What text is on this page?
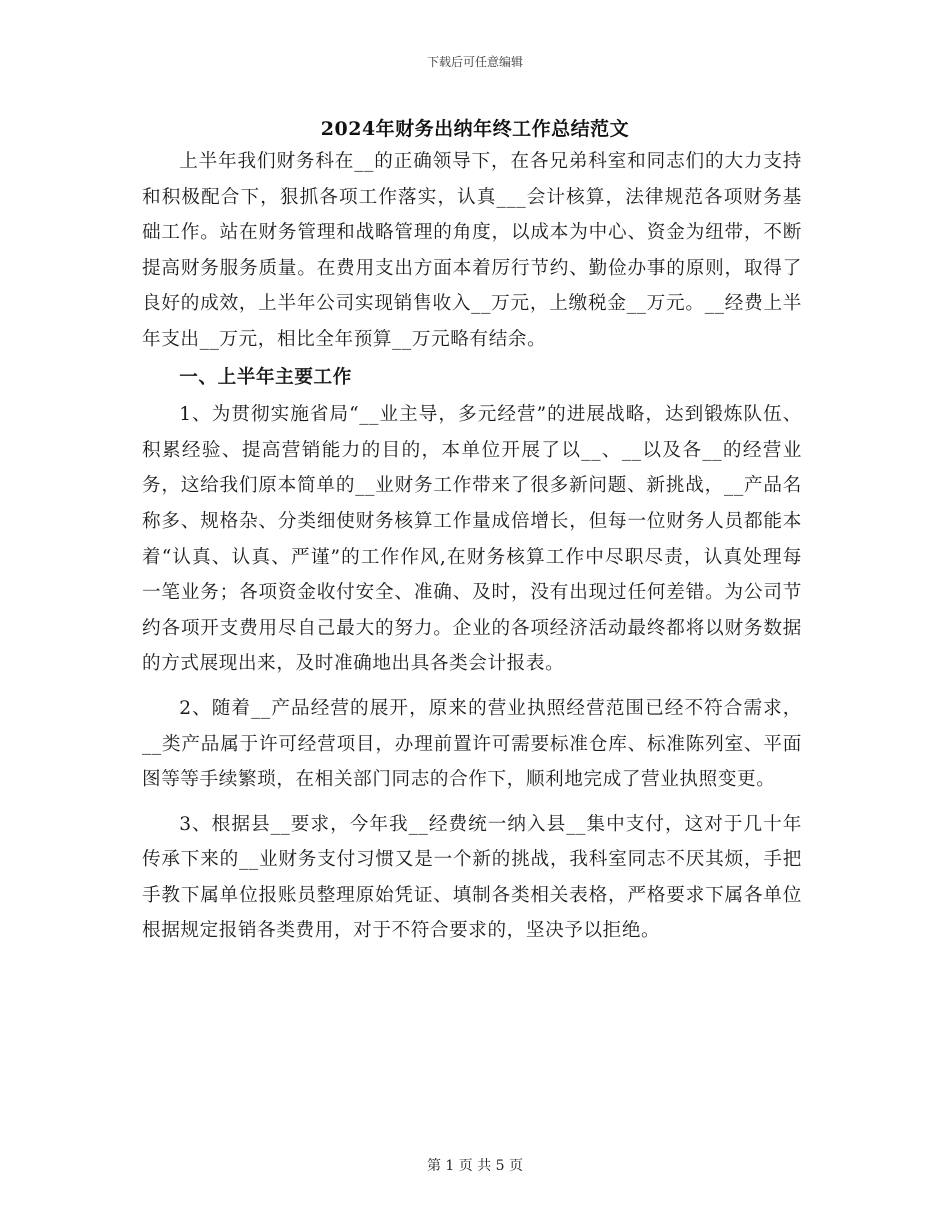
下载后可任意编辑
2024年财务出纳年终工作总结范文

上半年我们财务科在__的正确领导下，在各兄弟科室和同志们的大力支持和积极配合下，狠抓各项工作落实，认真___会计核算，法律规范各项财务基础工作。站在财务管理和战略管理的角度，以成本为中心、资金为纽带，不断提高财务服务质量。在费用支出方面本着厉行节约、勤俭办事的原则，取得了良好的成效，上半年公司实现销售收入__万元，上缴税金__万元。__经费上半年支出__万元，相比全年预算__万元略有结余。

一、上半年主要工作

1、为贯彻实施省局“__业主导，多元经营”的进展战略，达到锻炼队伍、积累经验、提高营销能力的目的，本单位开展了以__、__以及各__的经营业务，这给我们原本简单的__业财务工作带来了很多新问题、新挑战，__产品名称多、规格杂、分类细使财务核算工作量成倍增长，但每一位财务人员都能本着“认真、认真、严谨”的工作作风,在财务核算工作中尽职尽责，认真处理每一笔业务；各项资金收付安全、准确、及时，没有出现过任何差错。为公司节约各项开支费用尽自己最大的努力。企业的各项经济活动最终都将以财务数据的方式展现出来，及时准确地出具各类会计报表。

2、随着__产品经营的展开，原来的营业执照经营范围已经不符合需求，__类产品属于许可经营项目，办理前置许可需要标准仓库、标准陈列室、平面图等等手续繁琐，在相关部门同志的合作下，顺利地完成了营业执照变更。

3、根据县__要求，今年我__经费统一纳入县__集中支付，这对于几十年传承下来的__业财务支付习惯又是一个新的挑战，我科室同志不厌其烦，手把手教下属单位报账员整理原始凭证、填制各类相关表格，严格要求下属各单位根据规定报销各类费用，对于不符合要求的，坚决予以拒绝。

第 1 页 共 5 页
